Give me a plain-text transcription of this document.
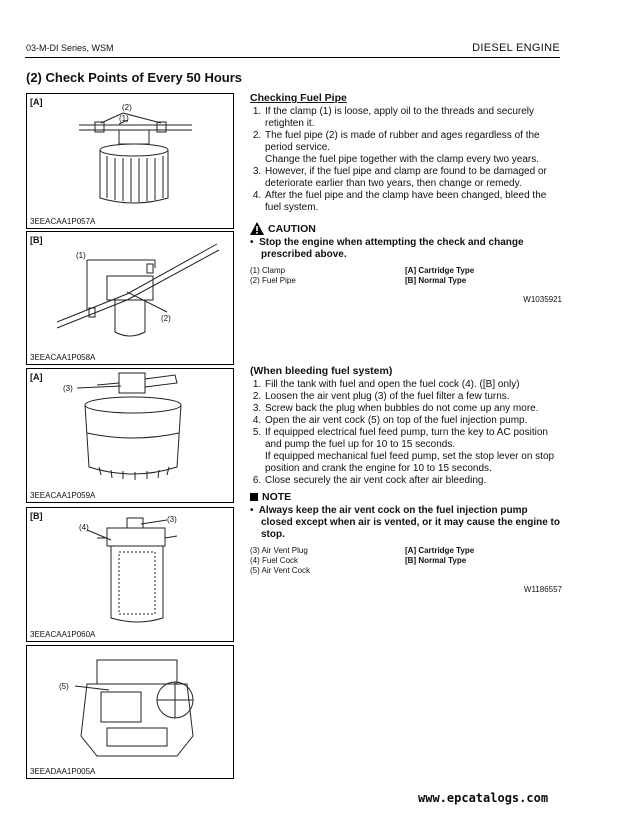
03-M-DI Series, WSM	DIESEL ENGINE
(2) Check Points of Every 50 Hours
[A]
(2)
(1)
3EEACAA1P057A
[B]
(1)
(2)
3EEACAA1P058A
[A]
(3)
3EEACAA1P059A
[B]
(4)
(3)
3EEACAA1P060A
(5)
3EEADAA1P005A
Checking Fuel Pipe
1. If the clamp (1) is loose, apply oil to the threads and securely retighten it.
2. The fuel pipe (2) is made of rubber and ages regardless of the period service.
Change the fuel pipe together with the clamp every two years.
3. However, if the fuel pipe and clamp are found to be damaged or deteriorate earlier than two years, then change or remedy.
4. After the fuel pipe and the clamp have been changed, bleed the fuel system.
CAUTION
•  Stop the engine when attempting the check and change prescribed above.
(1) Clamp	[A] Cartridge Type
(2) Fuel Pipe	[B] Normal Type
W1035921
(When bleeding fuel system)
1. Fill the tank with fuel and open the fuel cock (4). ([B] only)
2. Loosen the air vent plug (3) of the fuel filter a few turns.
3. Screw back the plug when bubbles do not come up any more.
4. Open the air vent cock (5) on top of the fuel injection pump.
5. If equipped electrical fuel feed pump, turn the key to AC position and pump the fuel up for 10 to 15 seconds.
If equipped mechanical fuel feed pump, set the stop lever on stop position and crank the engine for 10 to 15 seconds.
6. Close securely the air vent cock after air bleeding.
NOTE
•  Always keep the air vent cock on the fuel injection pump closed except when air is vented, or it may cause the engine to stop.
(3) Air Vent Plug	[A] Cartridge Type
(4) Fuel Cock	[B] Normal Type
(5) Air Vent Cock
W1186557
www.epcatalogs.com
